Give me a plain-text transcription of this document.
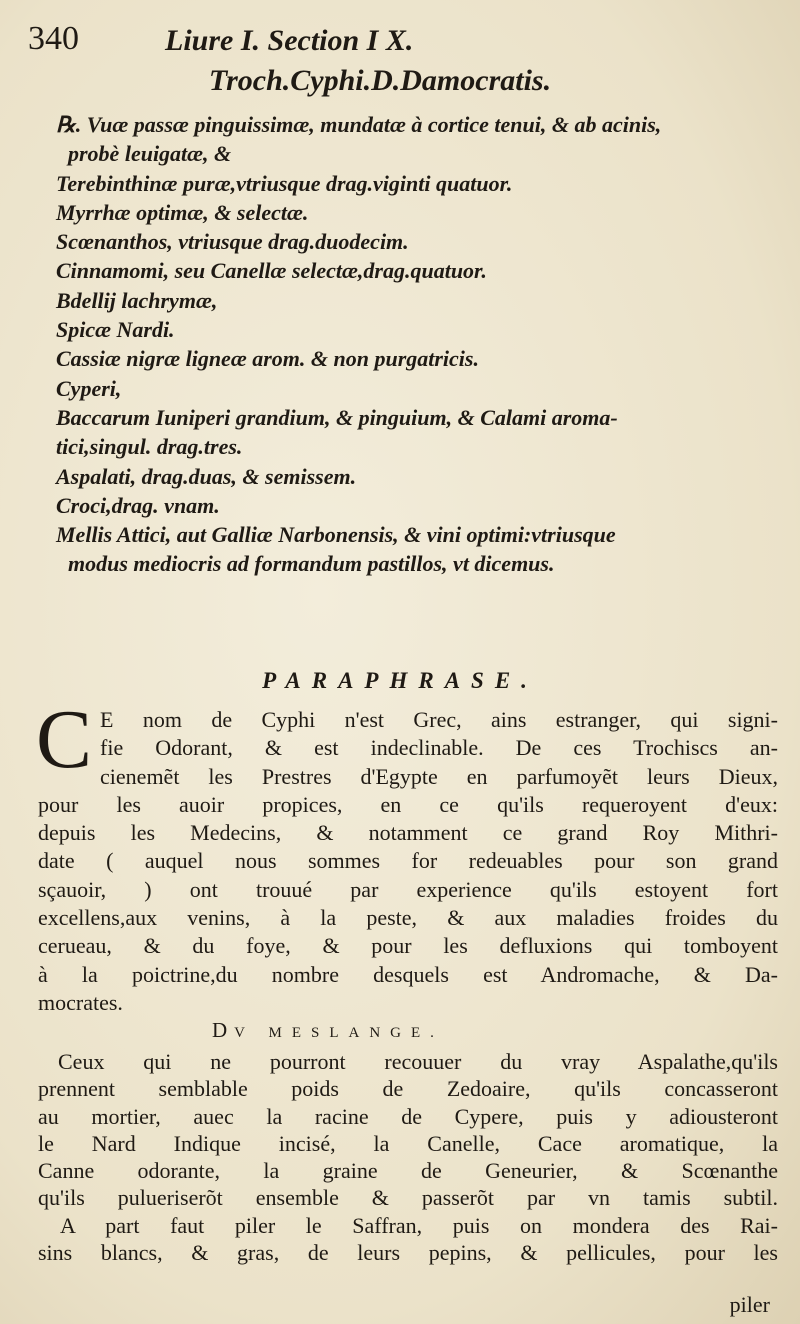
340	Liure I. Section I X.
Troch.Cyphi.D.Damocratis.
℞. Vuæ passæ pinguissimæ, mundatæ à cortice tenui, & ab acinis,
probè leuigatæ, &
Terebinthinæ puræ,vtriusque drag.viginti quatuor.
Myrrhæ optimæ, & selectæ.
Scœnanthos, vtriusque drag.duodecim.
Cinnamomi, seu Canellæ selectæ,drag.quatuor.
Bdellij lachrymæ,
Spicæ Nardi.
Cassiæ nigræ ligneæ arom. & non purgatricis.
Cyperi,
Baccarum Iuniperi grandium, & pinguium, & Calami aroma-
tici,singul. drag.tres.
Aspalati, drag.duas, & semissem.
Croci,drag. vnam.
Mellis Attici, aut Galliæ Narbonensis, & vini optimi:vtriusque
modus mediocris ad formandum pastillos, vt dicemus.
PARAPHRASE.
C E nom de Cyphi n'est Grec, ains estranger, qui signi-
fie Odorant, & est indeclinable. De ces Trochiscs an-
cienemẽt les Prestres d'Egypte en parfumoyẽt leurs Dieux,
pour les auoir propices, en ce qu'ils requeroyent d'eux:
depuis les Medecins, & notamment ce grand Roy Mithri-
date ( auquel nous sommes for redeuables pour son grand
sçauoir, ) ont trouué par experience qu'ils estoyent fort
excellens,aux venins, à la peste, & aux maladies froides du
cerueau, & du foye, & pour les defluxions qui tomboyent
à la poictrine,du nombre desquels est Andromache, & Da-
mocrates.
DV MESLANGE.
Ceux qui ne pourront recouuer du vray Aspalathe,qu'ils
prennent semblable poids de Zedoaire, qu'ils concasseront
au mortier, auec la racine de Cypere, puis y adiousteront
le Nard Indique incisé, la Canelle, Cace aromatique, la
Canne odorante, la graine de Geneurier, & Scœnanthe
qu'ils pulueriserõt ensemble & passerõt par vn tamis subtil.
A part faut piler le Saffran, puis on mondera des Rai-
sins blancs, & gras, de leurs pepins, & pellicules, pour les
piler
